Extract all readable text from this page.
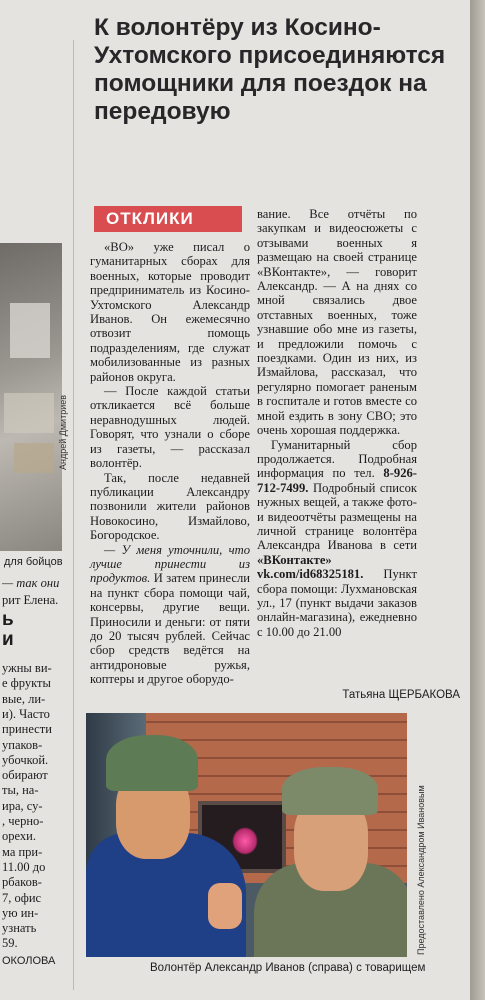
Андрей Дмитриев
для бойцов
— так они
рит Елена.
ь
и
ужны ви-
е фрукты
вые, ли-
и). Часто
принести
упаков-
убочкой.
обирают
ты, на-
ира, су-
, черно-
орехи.
ма при-
11.00 до
рбаков-
7, офис
ую ин-
узнать
59.
ОКОЛОВА
К волонтёру из Косино-Ухтомского присоединяются помощники для поездок на передовую
ОТКЛИКИ

«ВО» уже писал о гуманитарных сборах для военных, которые проводит предприниматель из Косино-Ухтомского Александр Иванов. Он ежемесячно отвозит помощь подразделениям, где служат мобилизованные из разных районов округа.

— После каждой статьи откликается всё больше неравнодушных людей. Говорят, что узнали о сборе из газеты, — рассказал волонтёр.

Так, после недавней публикации Александру позвонили жители районов Новокосино, Измайлово, Богородское.

— У меня уточнили, что лучше принести из продуктов. И затем принесли на пункт сбора помощи чай, консервы, другие вещи. Приносили и деньги: от пяти до 20 тысяч рублей. Сейчас сбор средств ведётся на антидроновые ружья, коптеры и другое оборудо-

вание. Все отчёты по закупкам и видеосюжеты с отзывами военных я размещаю на своей странице «ВКонтакте», — говорит Александр. — А на днях со мной связались двое отставных военных, тоже узнавшие обо мне из газеты, и предложили помочь с поездками. Один из них, из Измайлова, рассказал, что регулярно помогает раненым в госпитале и готов вместе со мной ездить в зону СВО; это очень хорошая поддержка.

Гуманитарный сбор продолжается. Подробная информация по тел. 8-926-712-7499. Подробный список нужных вещей, а также фото- и видеоотчёты размещены на личной странице волонтёра Александра Иванова в сети «ВКонтакте» vk.com/id68325181. Пункт сбора помощи: Лухмановская ул., 17 (пункт выдачи заказов онлайн-магазина), ежедневно с 10.00 до 21.00

Татьяна ЩЕРБАКОВА
Предоставлено Александром Ивановым
Волонтёр Александр Иванов (справа) с товарищем
